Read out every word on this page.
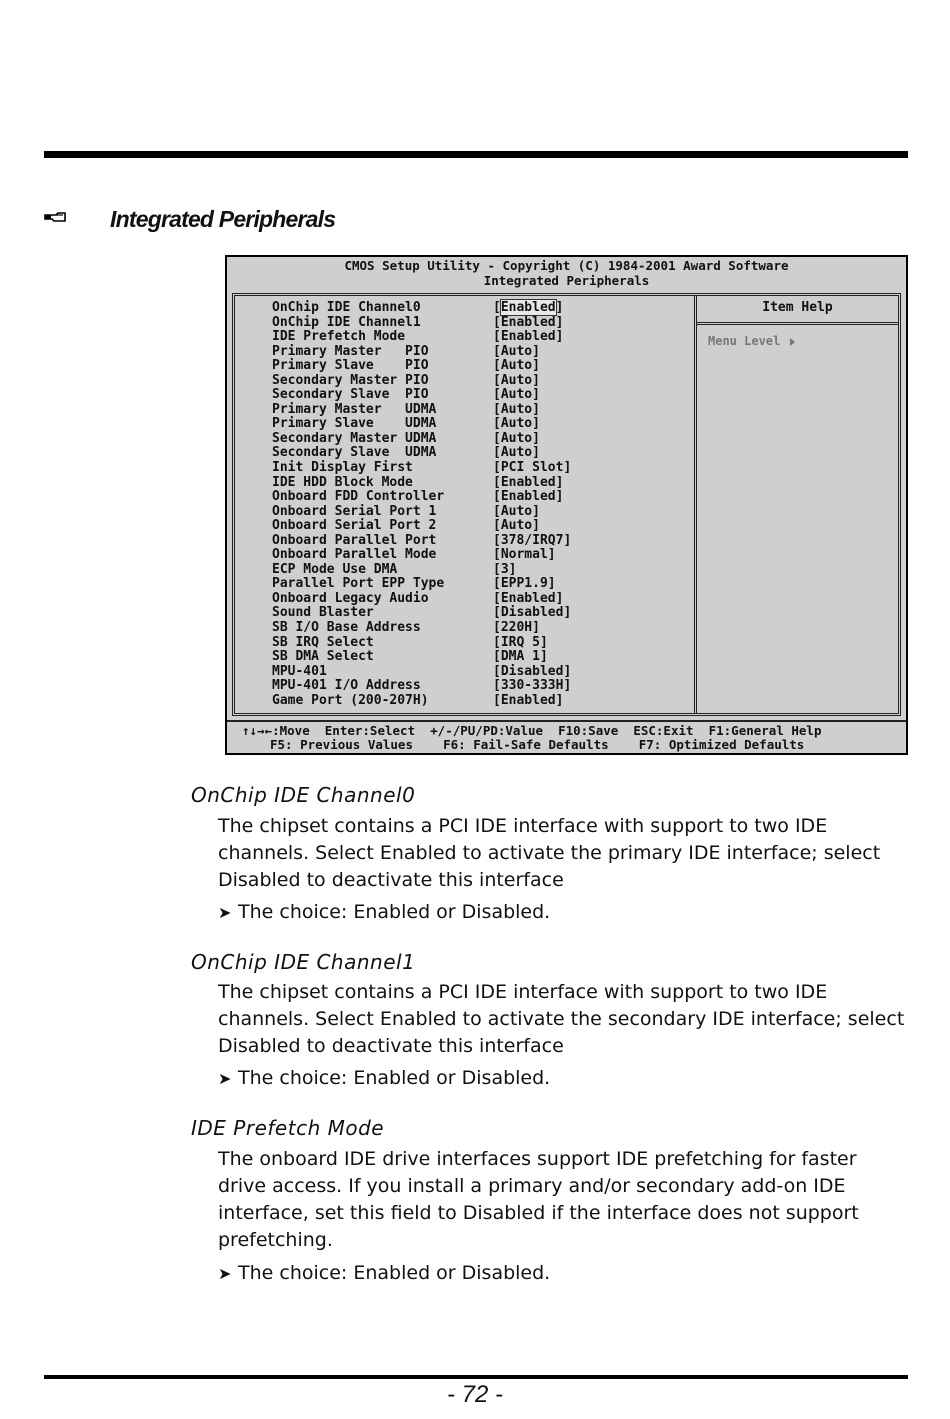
Integrated Peripherals
CMOS Setup Utility - Copyright (C) 1984-2001 Award Software
Integrated Peripherals
OnChip IDE Channel0	[Enabled]
OnChip IDE Channel1	[Enabled]
IDE Prefetch Mode	[Enabled]
Primary Master   PIO	[Auto]
Primary Slave    PIO	[Auto]
Secondary Master PIO	[Auto]
Secondary Slave  PIO	[Auto]
Primary Master   UDMA	[Auto]
Primary Slave    UDMA	[Auto]
Secondary Master UDMA	[Auto]
Secondary Slave  UDMA	[Auto]
Init Display First	[PCI Slot]
IDE HDD Block Mode	[Enabled]
Onboard FDD Controller	[Enabled]
Onboard Serial Port 1	[Auto]
Onboard Serial Port 2	[Auto]
Onboard Parallel Port	[378/IRQ7]
Onboard Parallel Mode	[Normal]
ECP Mode Use DMA	[3]
Parallel Port EPP Type	[EPP1.9]
Onboard Legacy Audio	[Enabled]
Sound Blaster	[Disabled]
SB I/O Base Address	[220H]
SB IRQ Select	[IRQ 5]
SB DMA Select	[DMA 1]
MPU-401	[Disabled]
MPU-401 I/O Address	[330-333H]
Game Port (200-207H)	[Enabled]
Item Help
Menu Level
↑↓→←:Move  Enter:Select  +/-/PU/PD:Value  F10:Save  ESC:Exit  F1:General Help
F5: Previous Values    F6: Fail-Safe Defaults    F7: Optimized Defaults
OnChip IDE Channel0
The chipset contains a PCI IDE interface with support to two IDE channels. Select Enabled to activate the primary IDE interface; select Disabled to deactivate this interface
➤ The choice: Enabled or Disabled.
OnChip IDE Channel1
The chipset contains a PCI IDE interface with support to two IDE channels. Select Enabled to activate the secondary IDE interface; select Disabled to deactivate this interface
➤ The choice: Enabled or Disabled.
IDE Prefetch Mode
The onboard IDE drive interfaces support IDE prefetching for faster drive access. If you install a primary and/or secondary add-on IDE interface, set this field to Disabled if the interface does not support prefetching.
➤ The choice: Enabled or Disabled.
- 72 -
